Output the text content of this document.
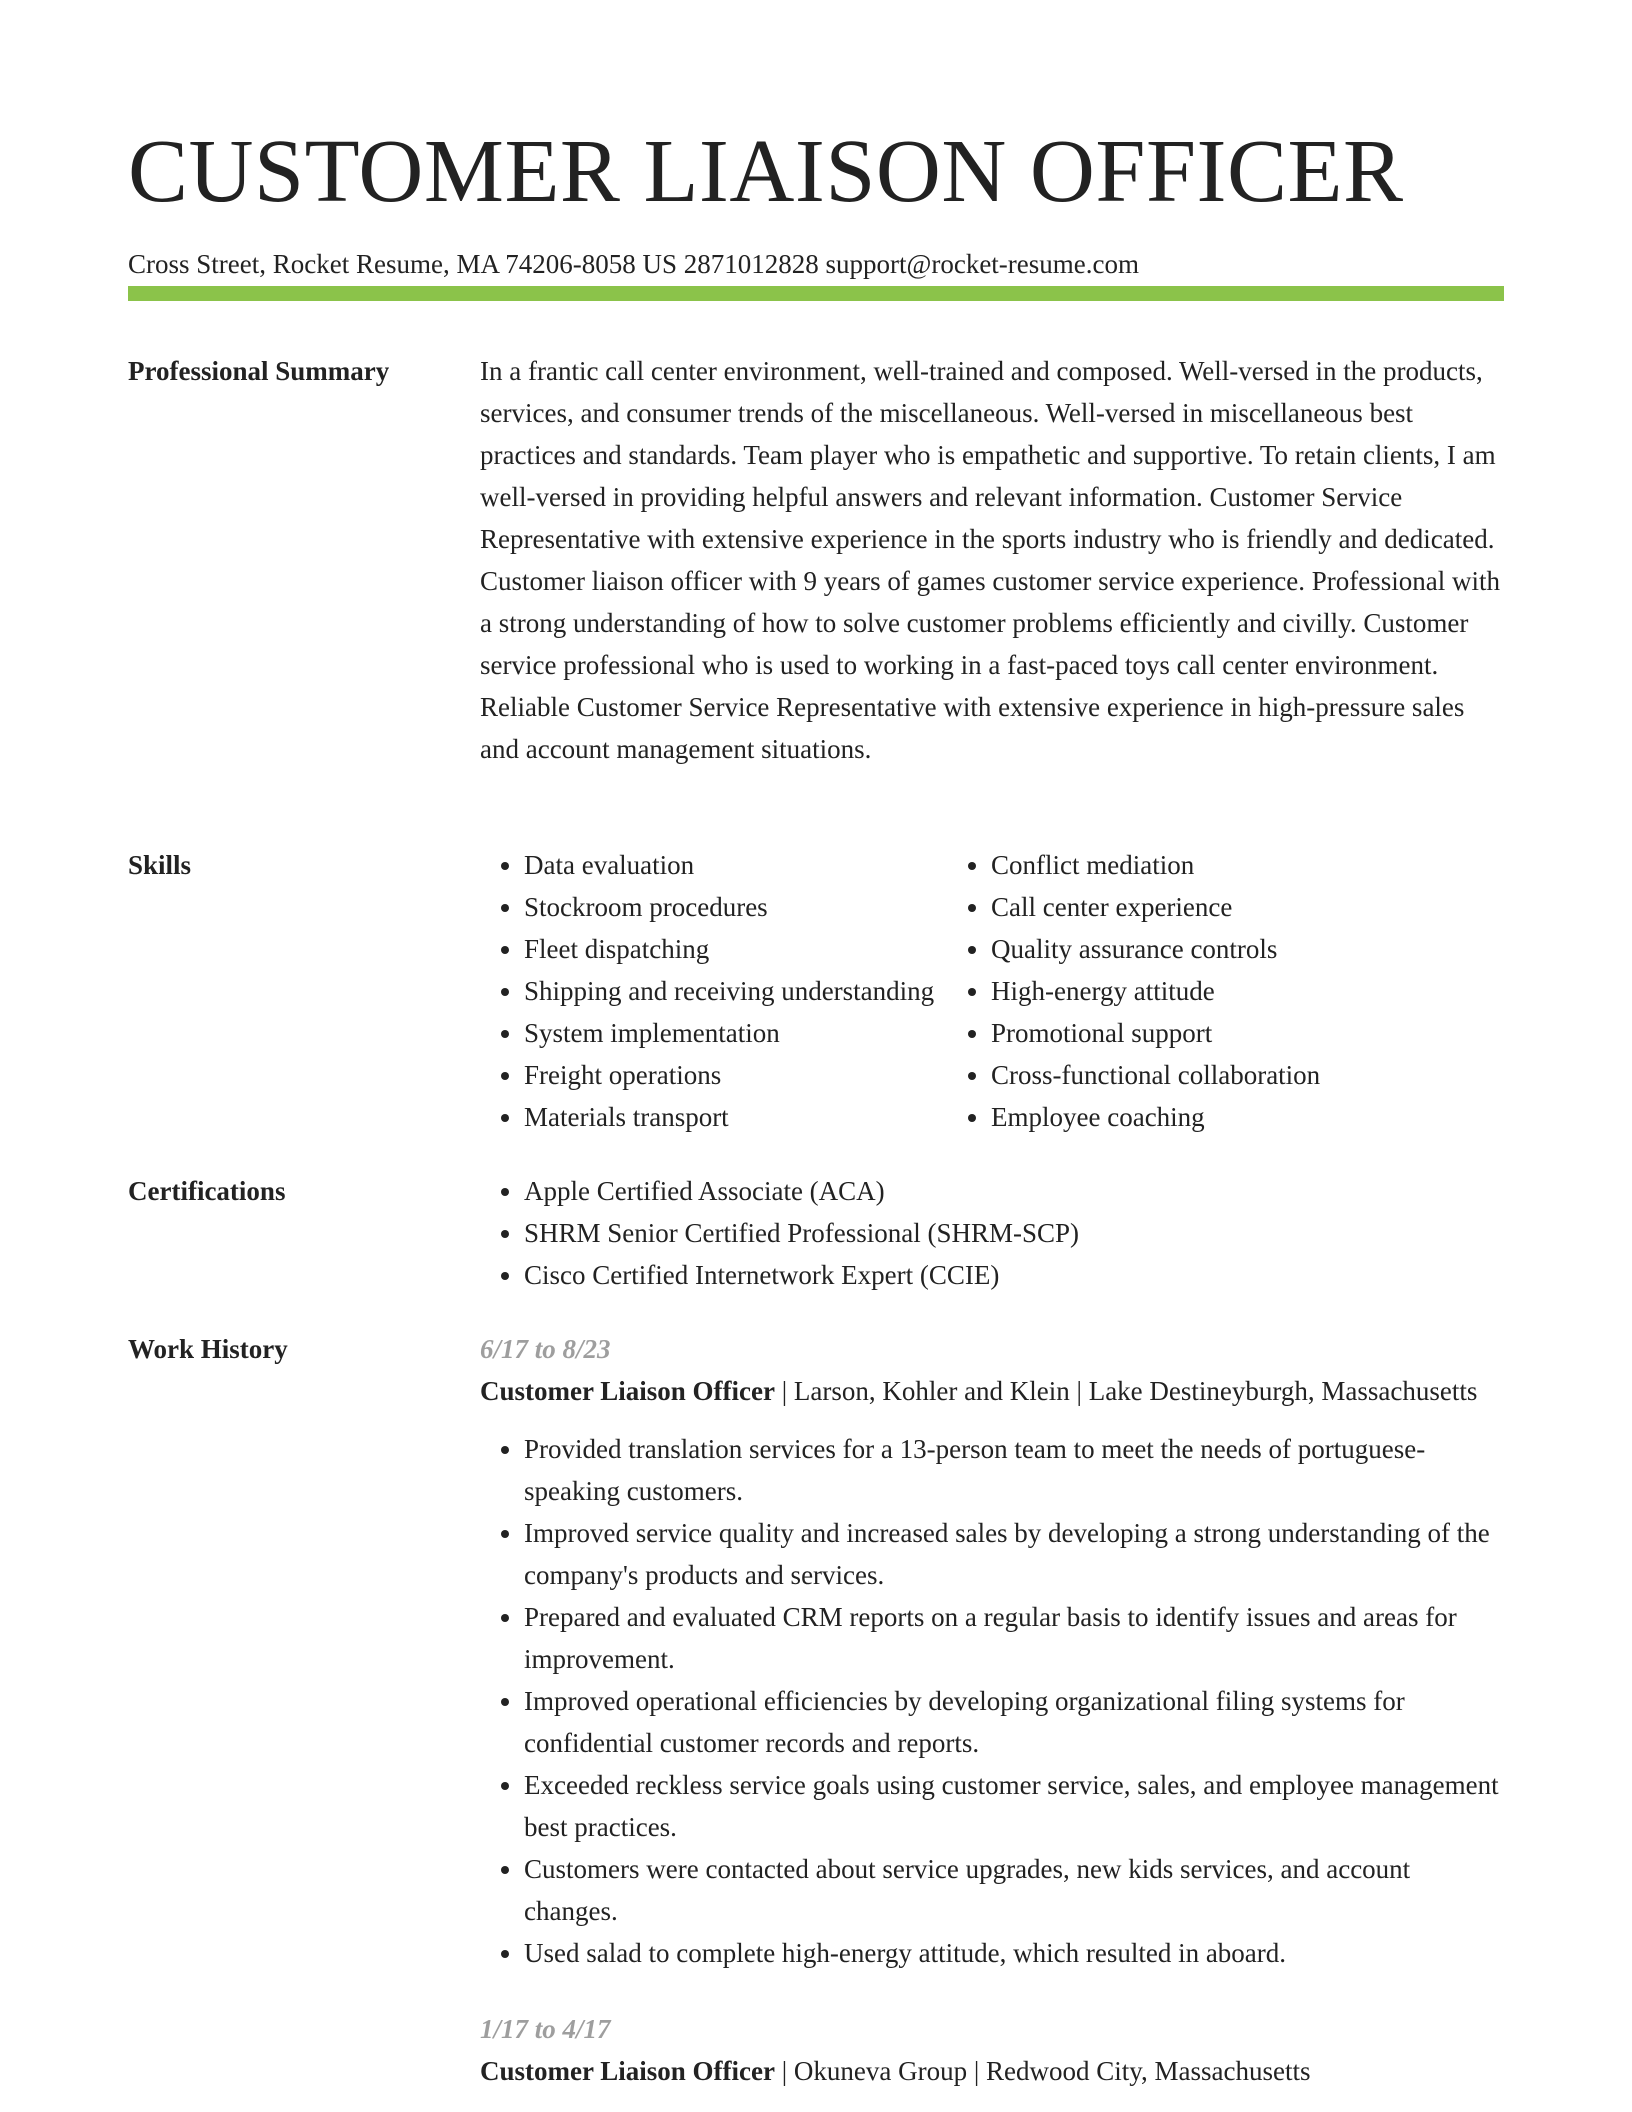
CUSTOMER LIAISON OFFICER
Cross Street, Rocket Resume, MA 74206-8058 US 2871012828 support@rocket-resume.com
Professional Summary	In a frantic call center environment, well-trained and composed. Well-versed in the products, services, and consumer trends of the miscellaneous. Well-versed in miscellaneous best practices and standards. Team player who is empathetic and supportive. To retain clients, I am well-versed in providing helpful answers and relevant information. Customer Service Representative with extensive experience in the sports industry who is friendly and dedicated. Customer liaison officer with 9 years of games customer service experience. Professional with a strong understanding of how to solve customer problems efficiently and civilly. Customer service professional who is used to working in a fast-paced toys call center environment. Reliable Customer Service Representative with extensive experience in high-pressure sales and account management situations.

Skills	• Data evaluation
• Stockroom procedures
• Fleet dispatching
• Shipping and receiving understanding
• System implementation
• Freight operations
• Materials transport
• Conflict mediation
• Call center experience
• Quality assurance controls
• High-energy attitude
• Promotional support
• Cross-functional collaboration
• Employee coaching
Certifications	• Apple Certified Associate (ACA)
• SHRM Senior Certified Professional (SHRM-SCP)
• Cisco Certified Internetwork Expert (CCIE)
Work History	6/17 to 8/23
Customer Liaison Officer | Larson, Kohler and Klein | Lake Destineyburgh, Massachusetts
• Provided translation services for a 13-person team to meet the needs of portuguese-speaking customers.
• Improved service quality and increased sales by developing a strong understanding of the company's products and services.
• Prepared and evaluated CRM reports on a regular basis to identify issues and areas for improvement.
• Improved operational efficiencies by developing organizational filing systems for confidential customer records and reports.
• Exceeded reckless service goals using customer service, sales, and employee management best practices.
• Customers were contacted about service upgrades, new kids services, and account changes.
• Used salad to complete high-energy attitude, which resulted in aboard.
1/17 to 4/17
Customer Liaison Officer | Okuneva Group | Redwood City, Massachusetts
